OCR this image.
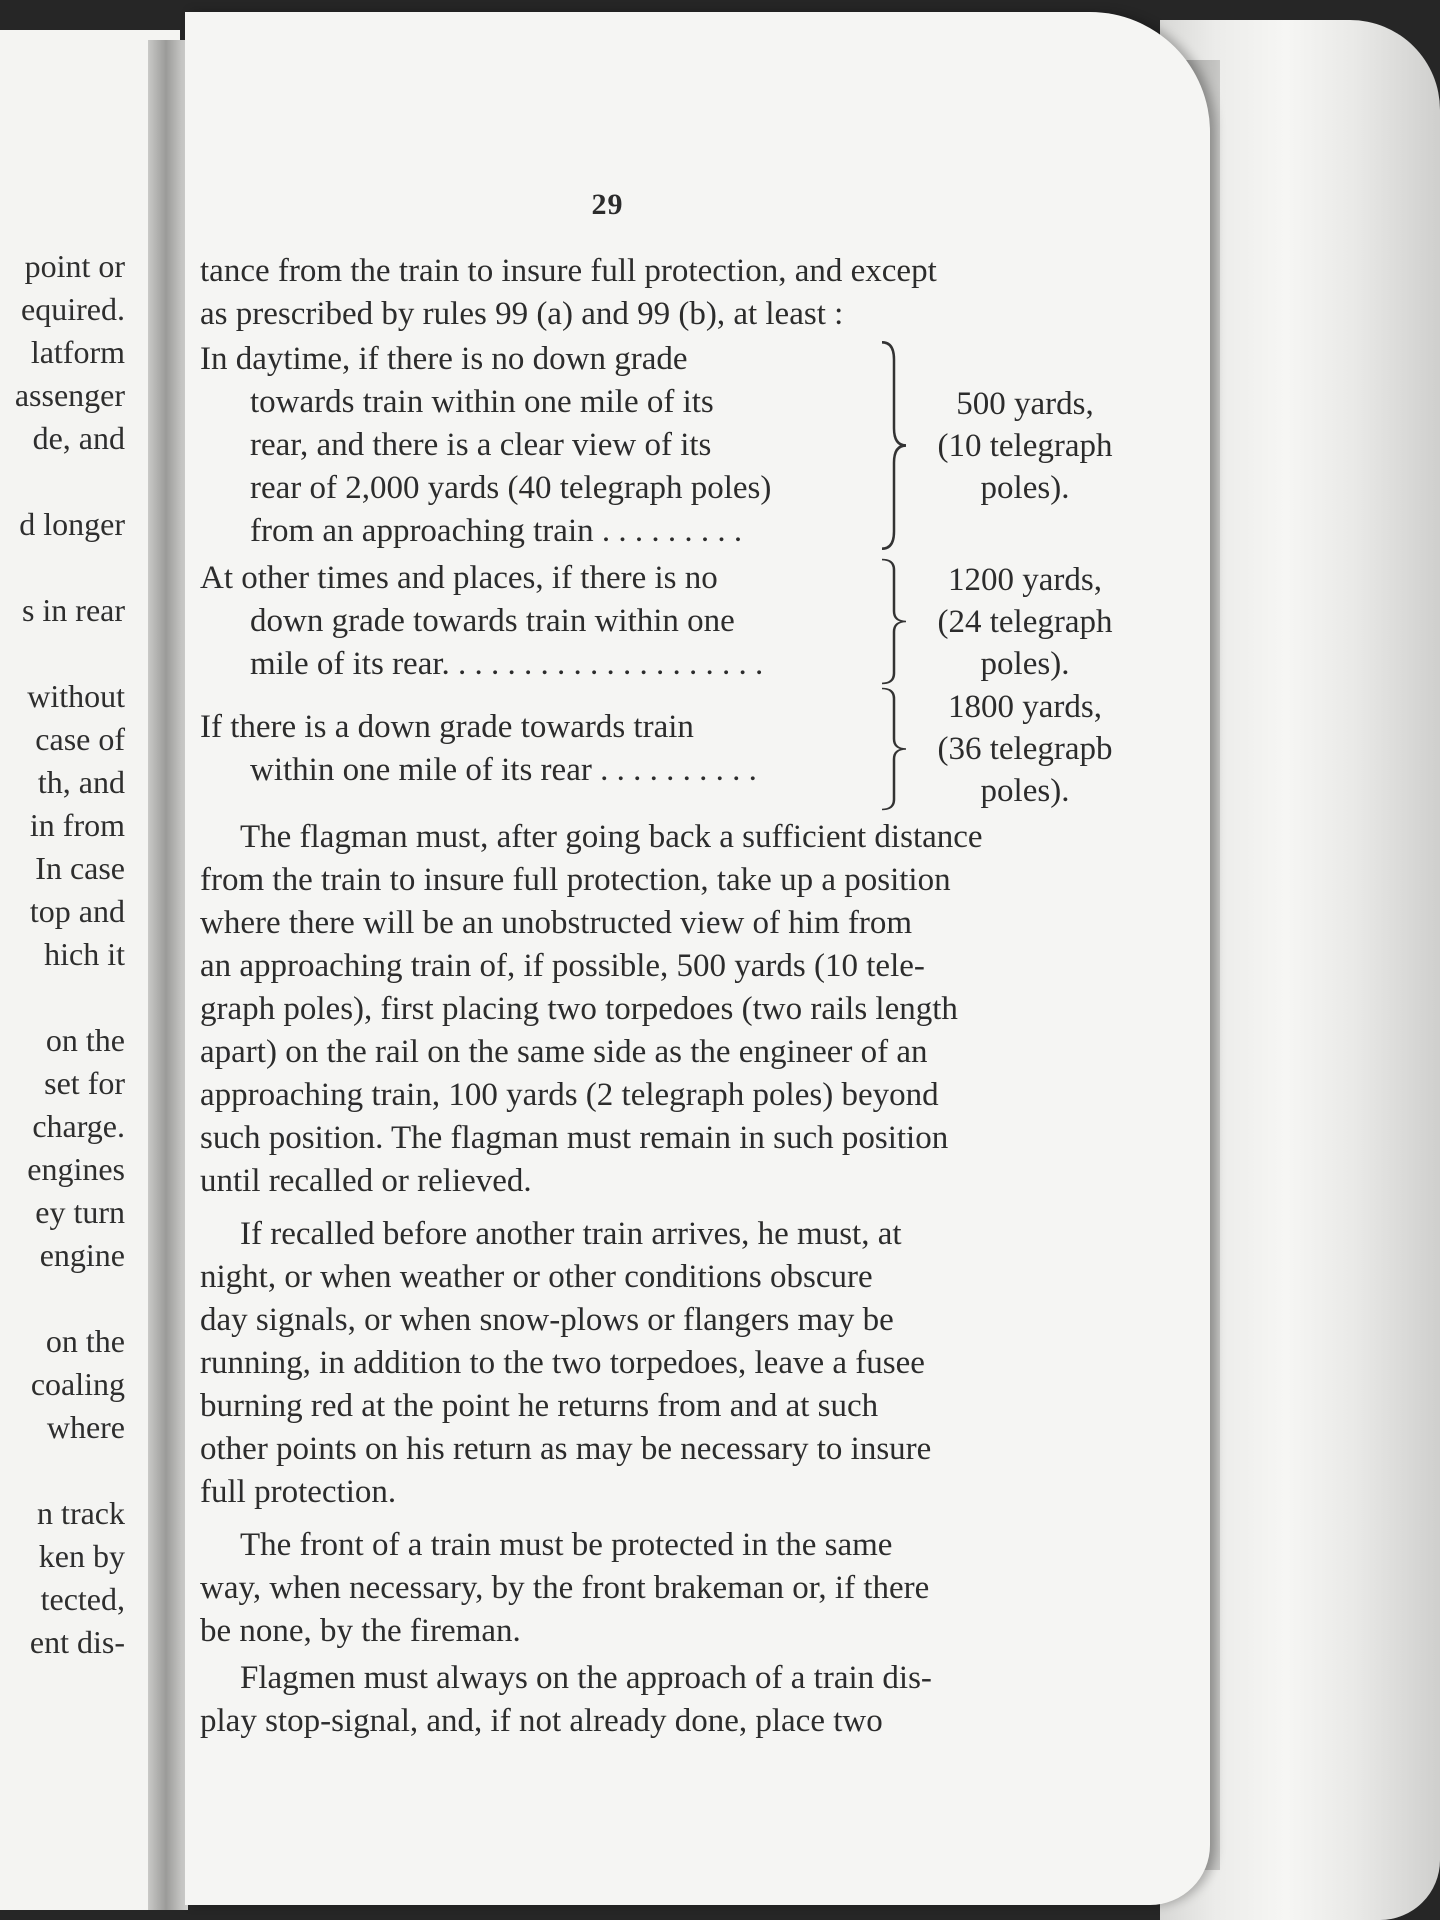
point or
equired.
latform
assenger
de, and
d longer
s in rear
without
case of
th, and
in from
In case
top and
hich it
on the
set for
charge.
engines
ey turn
engine
on the
coaling
where
n track
ken by
tected,
ent dis-
29

tance from the train to insure full protection, and except
as prescribed by rules 99 (a) and 99 (b), at least :

In daytime, if there is no down grade
towards train within one mile of its
rear, and there is a clear view of its
rear of 2,000 yards (40 telegraph poles)
from an approaching train . . . . . . . . .
500 yards,
(10 telegraph
poles).
At other times and places, if there is no
down grade towards train within one
mile of its rear. . . . . . . . . . . . . . . . . . . .
1200 yards,
(24 telegraph
poles).
If there is a down grade towards train
within one mile of its rear . . . . . . . . . .
1800 yards,
(36 telegrapb
poles).

The flagman must, after going back a sufficient distance
from the train to insure full protection, take up a position
where there will be an unobstructed view of him from
an approaching train of, if possible, 500 yards (10 tele-
graph poles), first placing two torpedoes (two rails length
apart) on the rail on the same side as the engineer of an
approaching train, 100 yards (2 telegraph poles) beyond
such position. The flagman must remain in such position
until recalled or relieved.

If recalled before another train arrives, he must, at
night, or when weather or other conditions obscure
day signals, or when snow-plows or flangers may be
running, in addition to the two torpedoes, leave a fusee
burning red at the point he returns from and at such
other points on his return as may be necessary to insure
full protection.

The front of a train must be protected in the same
way, when necessary, by the front brakeman or, if there
be none, by the fireman.

Flagmen must always on the approach of a train dis-
play stop-signal, and, if not already done, place two
